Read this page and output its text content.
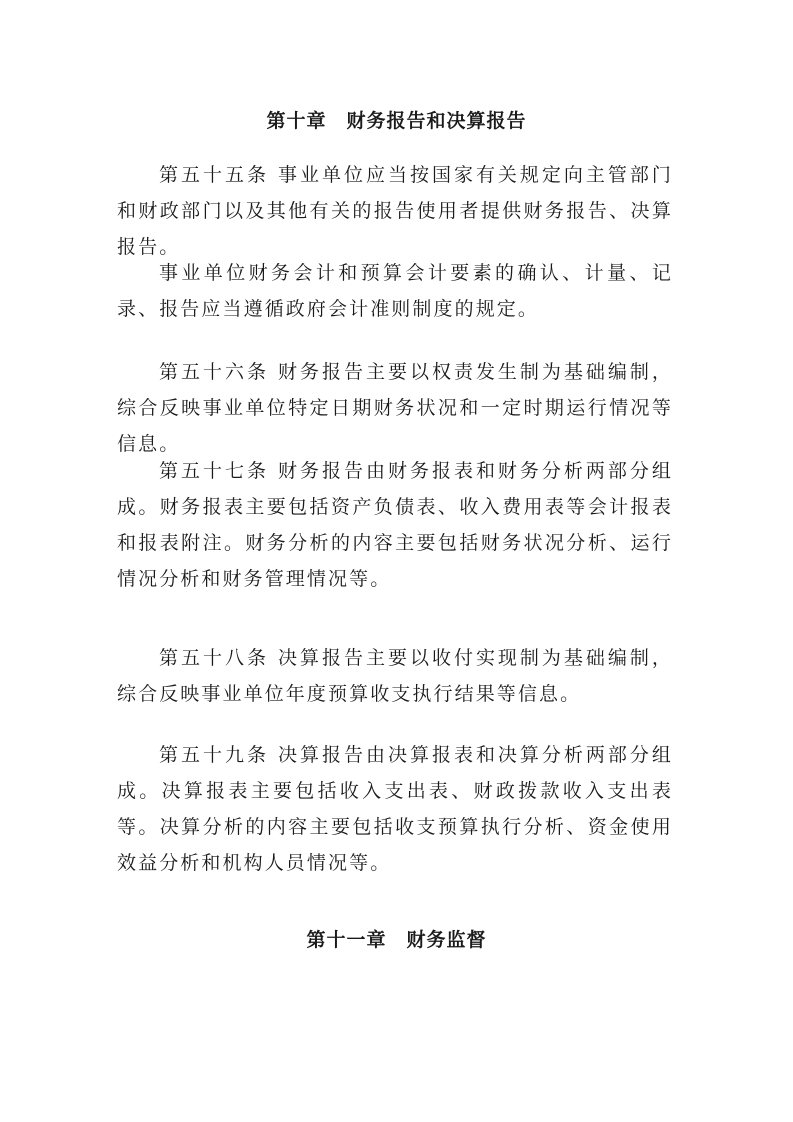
第十章　财务报告和决算报告

第五十五条 事业单位应当按国家有关规定向主管部门和财政部门以及其他有关的报告使用者提供财务报告、决算报告。

事业单位财务会计和预算会计要素的确认、计量、记录、报告应当遵循政府会计准则制度的规定。

第五十六条 财务报告主要以权责发生制为基础编制，综合反映事业单位特定日期财务状况和一定时期运行情况等信息。

第五十七条 财务报告由财务报表和财务分析两部分组成。财务报表主要包括资产负债表、收入费用表等会计报表和报表附注。财务分析的内容主要包括财务状况分析、运行情况分析和财务管理情况等。

第五十八条 决算报告主要以收付实现制为基础编制，综合反映事业单位年度预算收支执行结果等信息。

第五十九条 决算报告由决算报表和决算分析两部分组成。决算报表主要包括收入支出表、财政拨款收入支出表等。决算分析的内容主要包括收支预算执行分析、资金使用效益分析和机构人员情况等。

第十一章　财务监督
